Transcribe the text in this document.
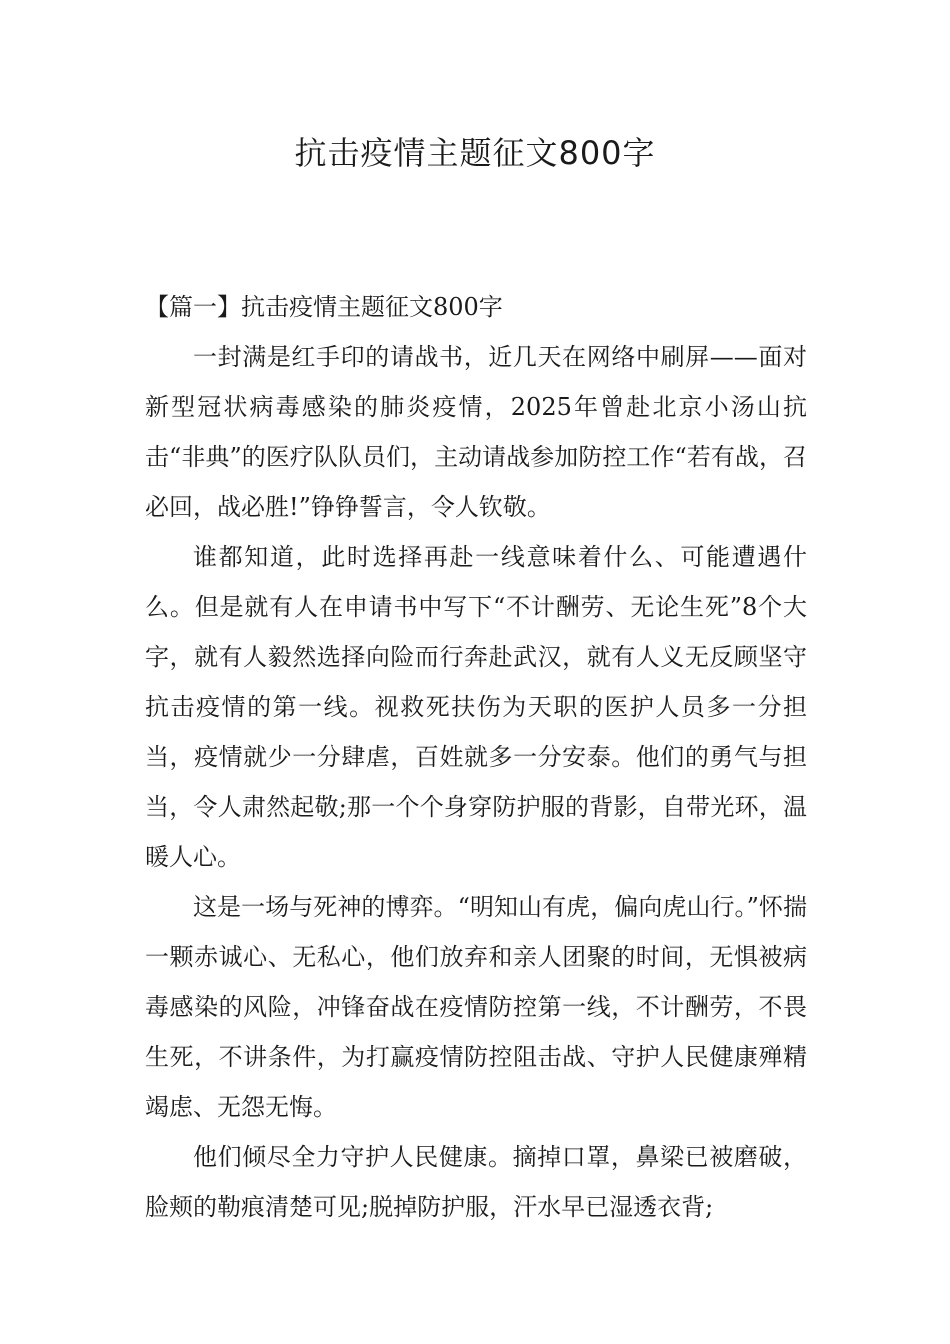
抗击疫情主题征文800字

【篇一】抗击疫情主题征文800字

一封满是红手印的请战书，近几天在网络中刷屏——面对新型冠状病毒感染的肺炎疫情，2025年曾赴北京小汤山抗击“非典”的医疗队队员们，主动请战参加防控工作“若有战，召必回，战必胜!”铮铮誓言，令人钦敬。

谁都知道，此时选择再赴一线意味着什么、可能遭遇什么。但是就有人在申请书中写下“不计酬劳、无论生死”8个大字，就有人毅然选择向险而行奔赴武汉，就有人义无反顾坚守抗击疫情的第一线。视救死扶伤为天职的医护人员多一分担当，疫情就少一分肆虐，百姓就多一分安泰。他们的勇气与担当，令人肃然起敬;那一个个身穿防护服的背影，自带光环，温暖人心。

这是一场与死神的博弈。“明知山有虎，偏向虎山行。”怀揣一颗赤诚心、无私心，他们放弃和亲人团聚的时间，无惧被病毒感染的风险，冲锋奋战在疫情防控第一线，不计酬劳，不畏生死，不讲条件，为打赢疫情防控阻击战、守护人民健康殚精竭虑、无怨无悔。

他们倾尽全力守护人民健康。摘掉口罩，鼻梁已被磨破，脸颊的勒痕清楚可见;脱掉防护服，汗水早已湿透衣背;
